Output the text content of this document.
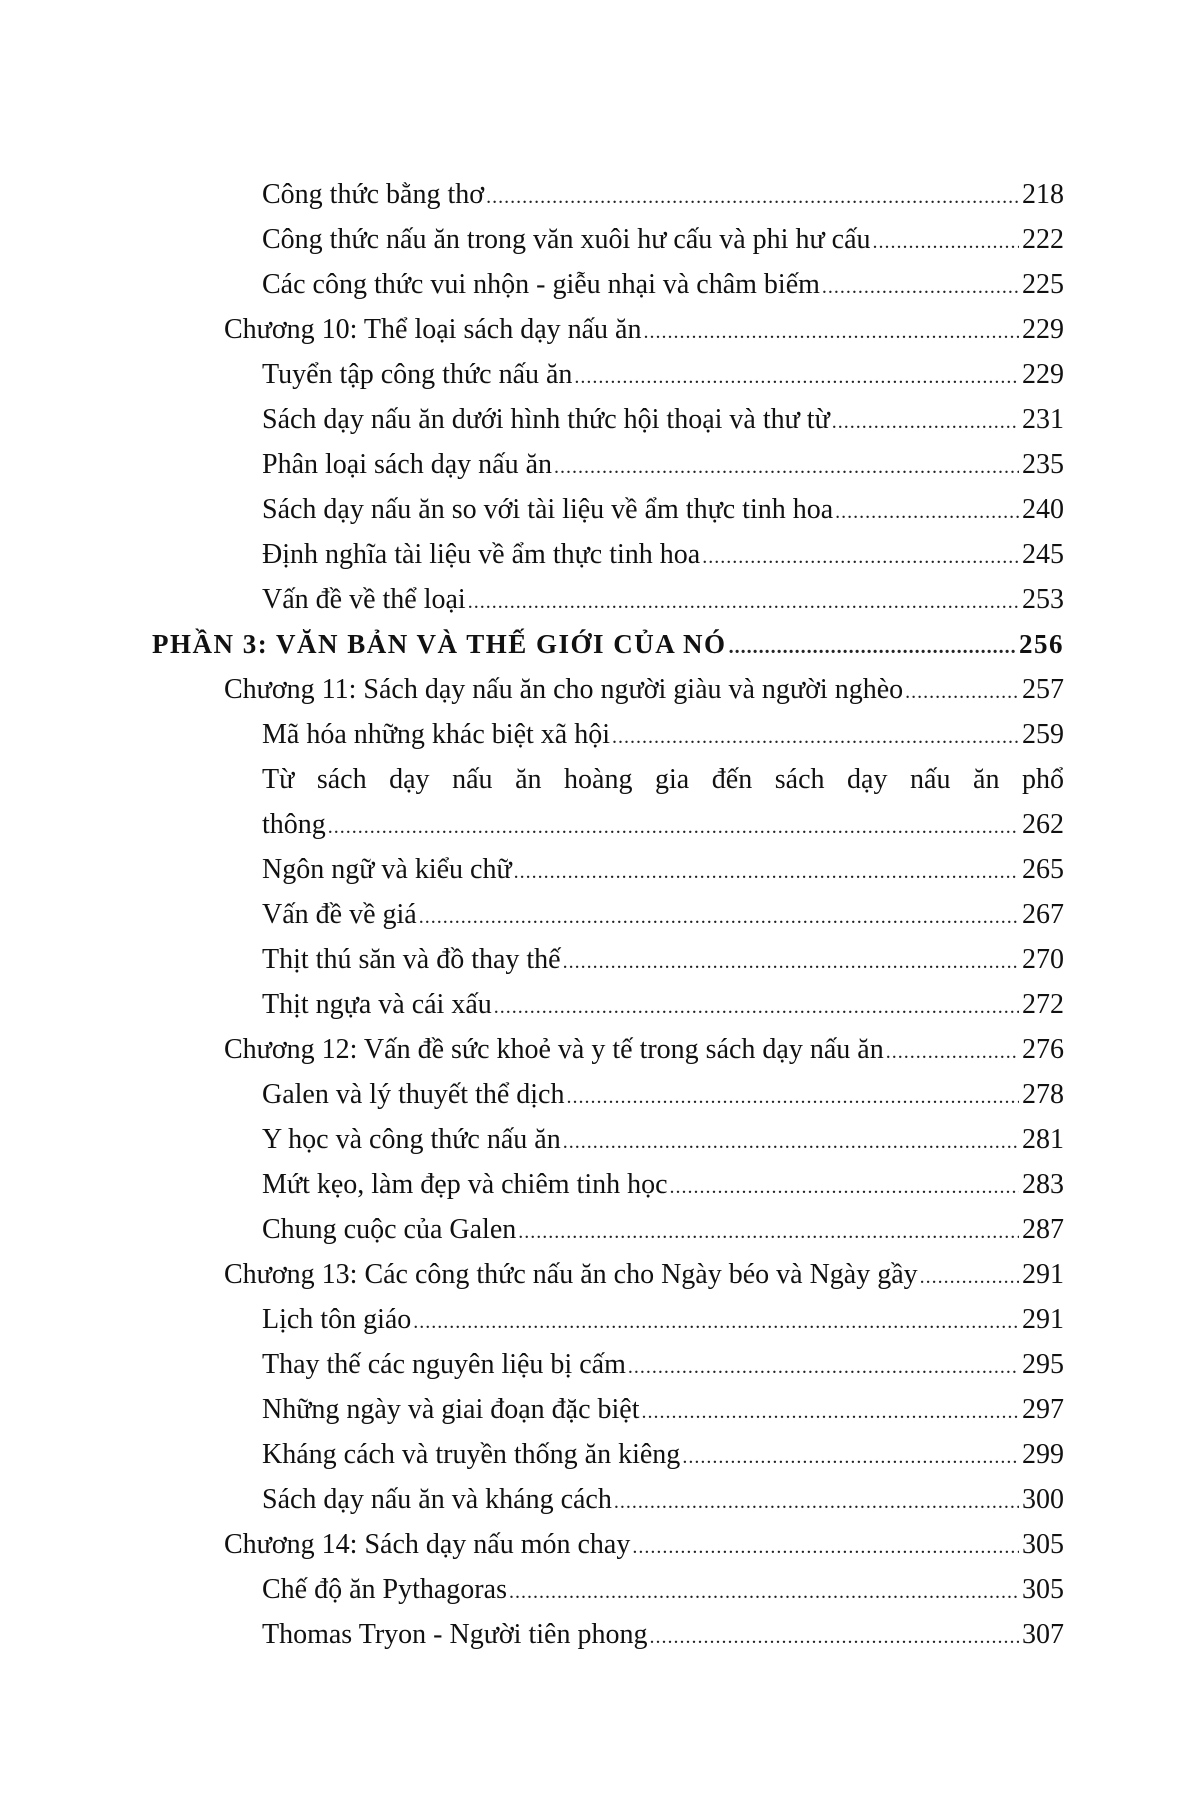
Công thức bằng thơ .....	218
Công thức nấu ăn trong văn xuôi hư cấu và phi hư cấu .....	222
Các công thức vui nhộn - giễu nhại và châm biếm .....	225
Chương 10: Thể loại sách dạy nấu ăn .....	229
Tuyển tập công thức nấu ăn .....	229
Sách dạy nấu ăn dưới hình thức hội thoại và thư từ .....	231
Phân loại sách dạy nấu ăn .....	235
Sách dạy nấu ăn so với tài liệu về ẩm thực tinh hoa .....	240
Định nghĩa tài liệu về ẩm thực tinh hoa .....	245
Vấn đề về thể loại .....	253
PHẦN 3: VĂN BẢN VÀ THẾ GIỚI CỦA NÓ .....	256
Chương 11: Sách dạy nấu ăn cho người giàu và người nghèo .....	257
Mã hóa những khác biệt xã hội .....	259
Từ sách dạy nấu ăn hoàng gia đến sách dạy nấu ăn phổ
thông .....	262
Ngôn ngữ và kiểu chữ .....	265
Vấn đề về giá .....	267
Thịt thú săn và đồ thay thế .....	270
Thịt ngựa và cái xấu .....	272
Chương 12: Vấn đề sức khoẻ và y tế trong sách dạy nấu ăn .....	276
Galen và lý thuyết thể dịch .....	278
Y học và công thức nấu ăn .....	281
Mứt kẹo, làm đẹp và chiêm tinh học .....	283
Chung cuộc của Galen .....	287
Chương 13: Các công thức nấu ăn cho Ngày béo và Ngày gầy .....	291
Lịch tôn giáo .....	291
Thay thế các nguyên liệu bị cấm .....	295
Những ngày và giai đoạn đặc biệt .....	297
Kháng cách và truyền thống ăn kiêng .....	299
Sách dạy nấu ăn và kháng cách .....	300
Chương 14: Sách dạy nấu món chay .....	305
Chế độ ăn Pythagoras .....	305
Thomas Tryon - Người tiên phong .....	307
